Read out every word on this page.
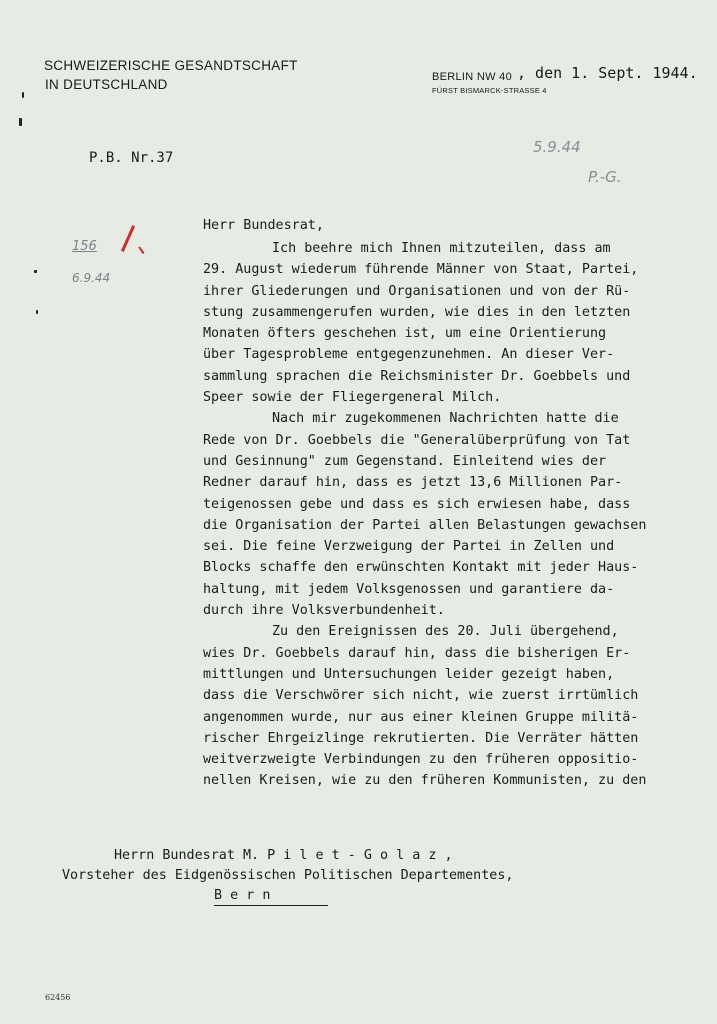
SCHWEIZERISCHE GESANDTSCHAFT
IN DEUTSCHLAND	BERLIN NW 40
FÜRST BISMARCK-STRASSE 4
, den 1. Sept. 1944.
P.B. Nr.37
5.9.44
P.-G.
156
6.9.44
Herr Bundesrat,
Ich beehre mich Ihnen mitzuteilen, dass am
29. August wiederum führende Männer von Staat, Partei,
ihrer Gliederungen und Organisationen und von der Rü-
stung zusammengerufen wurden, wie dies in den letzten
Monaten öfters geschehen ist, um eine Orientierung
über Tagesprobleme entgegenzunehmen. An dieser Ver-
sammlung sprachen die Reichsminister Dr. Goebbels und
Speer sowie der Fliegergeneral Milch.
Nach mir zugekommenen Nachrichten hatte die
Rede von Dr. Goebbels die "Generalüberprüfung von Tat
und Gesinnung" zum Gegenstand. Einleitend wies der
Redner darauf hin, dass es jetzt 13,6 Millionen Par-
teigenossen gebe und dass es sich erwiesen habe, dass
die Organisation der Partei allen Belastungen gewachsen
sei. Die feine Verzweigung der Partei in Zellen und
Blocks schaffe den erwünschten Kontakt mit jeder Haus-
haltung, mit jedem Volksgenossen und garantiere da-
durch ihre Volksverbundenheit.
Zu den Ereignissen des 20. Juli übergehend,
wies Dr. Goebbels darauf hin, dass die bisherigen Er-
mittlungen und Untersuchungen leider gezeigt haben,
dass die Verschwörer sich nicht, wie zuerst irrtümlich
angenommen wurde, nur aus einer kleinen Gruppe militä-
rischer Ehrgeizlinge rekrutierten. Die Verräter hätten
weitverzweigte Verbindungen zu den früheren oppositio-
nellen Kreisen, wie zu den früheren Kommunisten, zu den
Herrn Bundesrat M. P i l e t - G o l a z ,
Vorsteher des Eidgenössischen Politischen Departementes,
B e r n
62456
